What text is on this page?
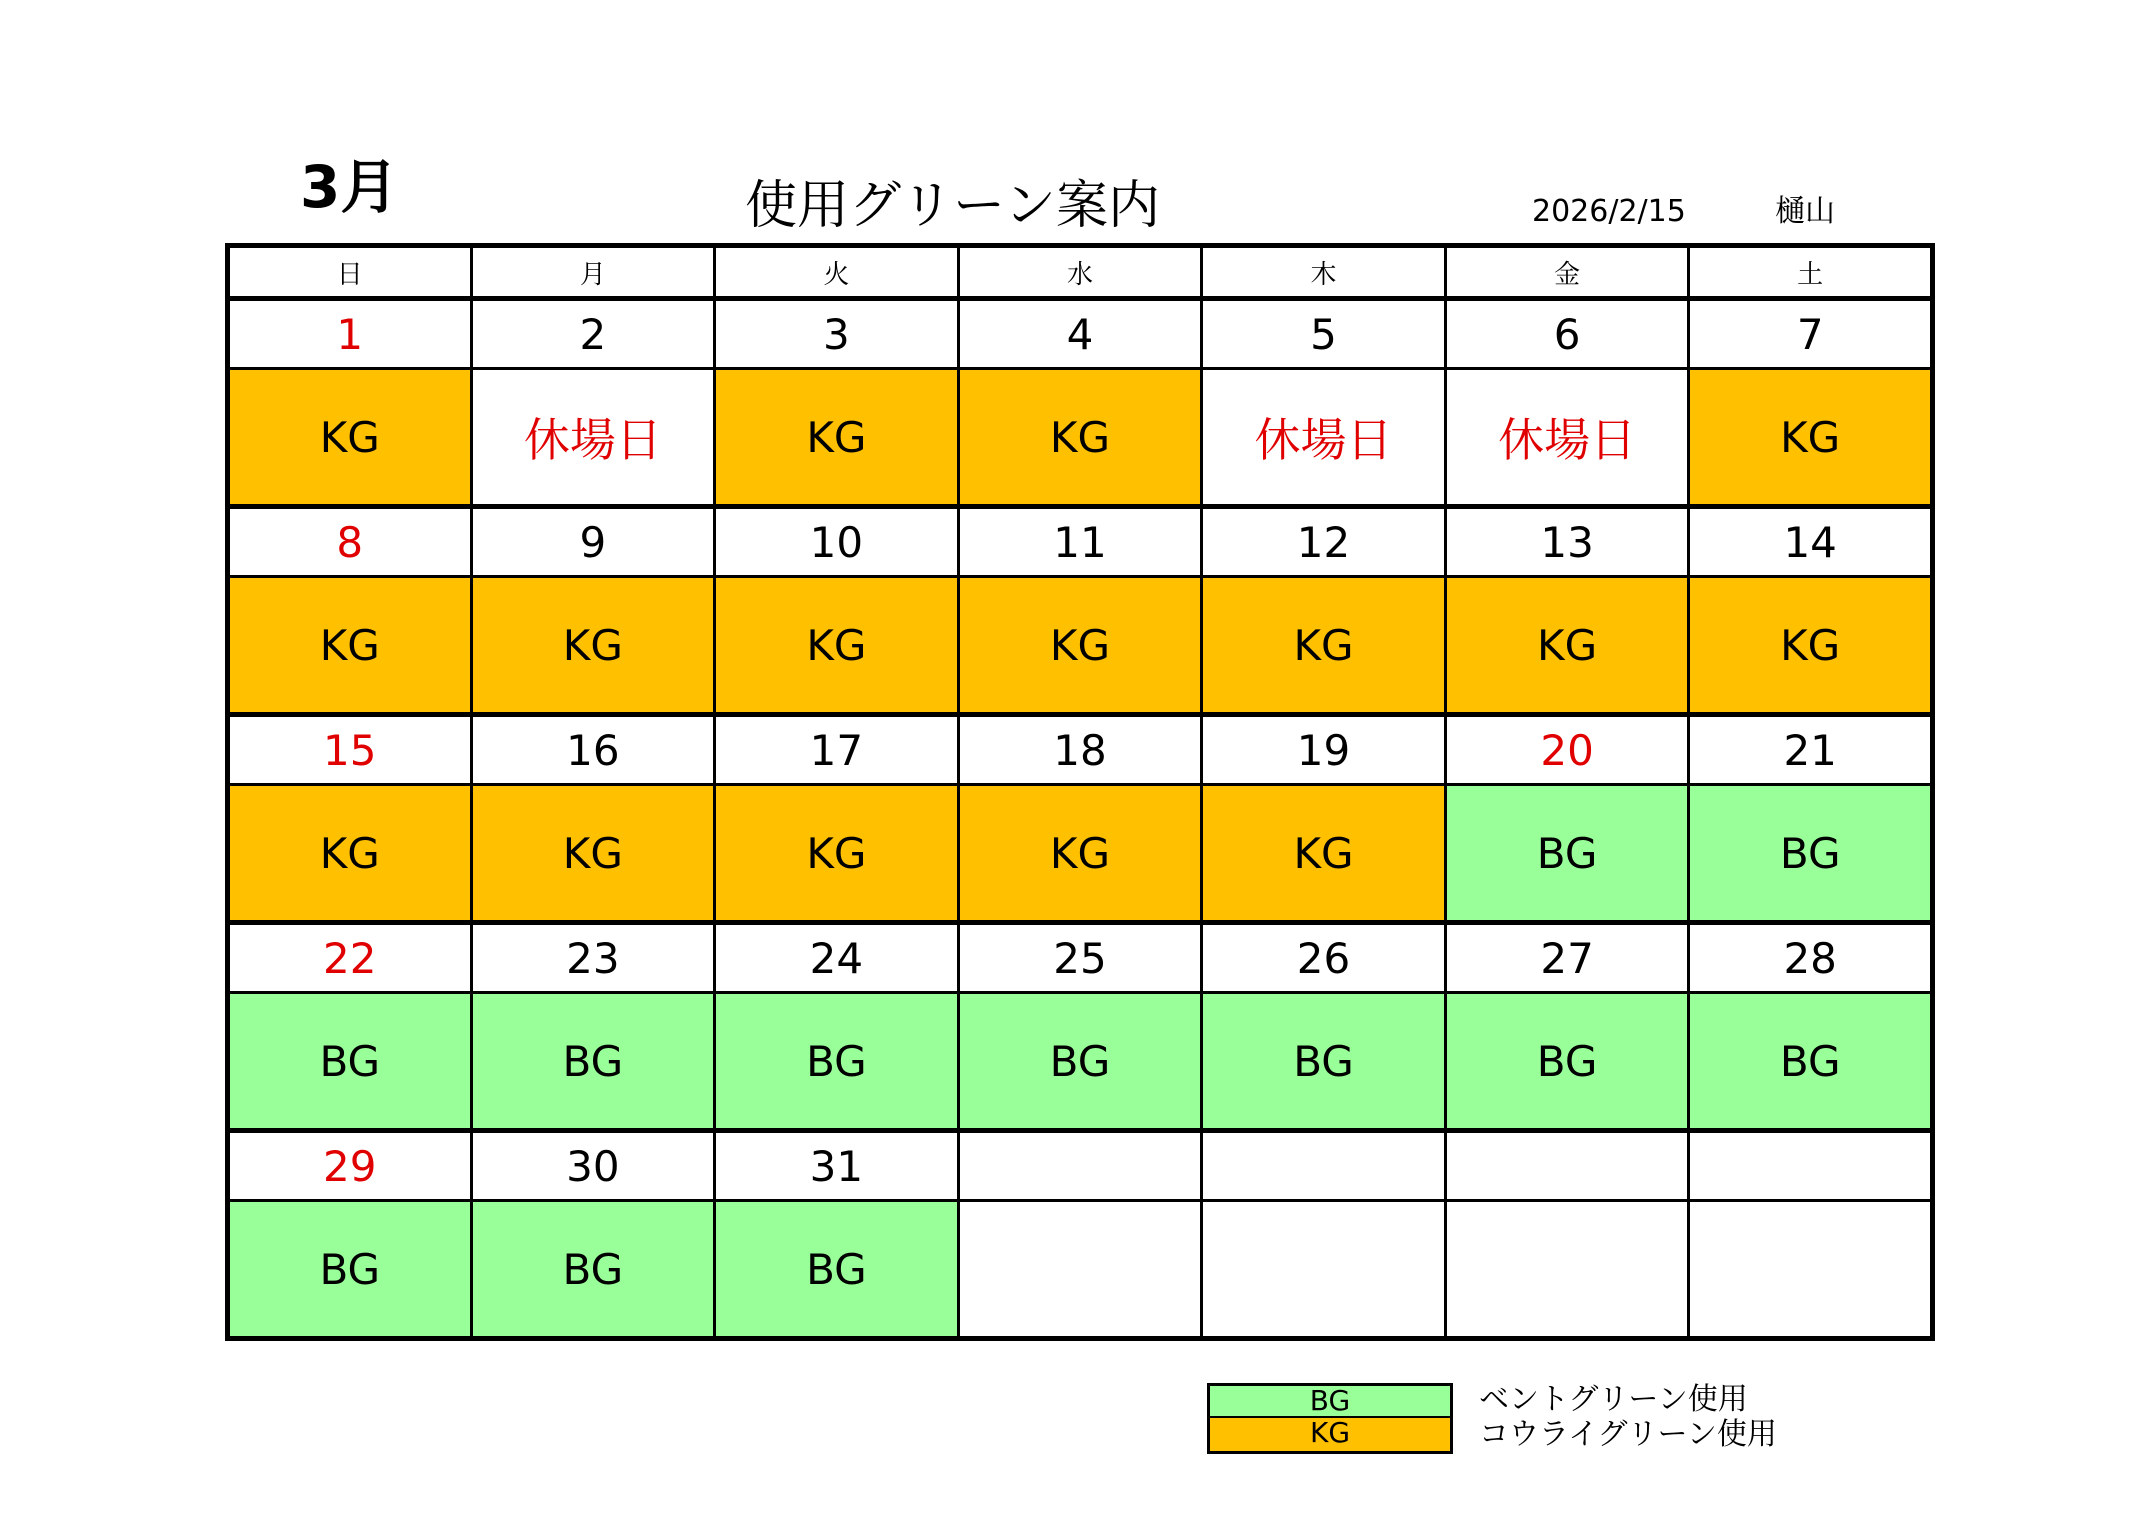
3月	使用グリーン案内	2026/2/15	樋山
日	月	火	水	木	金	土
1	2	3	4	5	6	7
KG	休場日	KG	KG	休場日	休場日	KG
8	9	10	11	12	13	14
KG	KG	KG	KG	KG	KG	KG
15	16	17	18	19	20	21
KG	KG	KG	KG	KG	BG	BG
22	23	24	25	26	27	28
BG	BG	BG	BG	BG	BG	BG
29	30	31				
BG	BG	BG				
BG	ベントグリーン使用
KG	コウライグリーン使用
